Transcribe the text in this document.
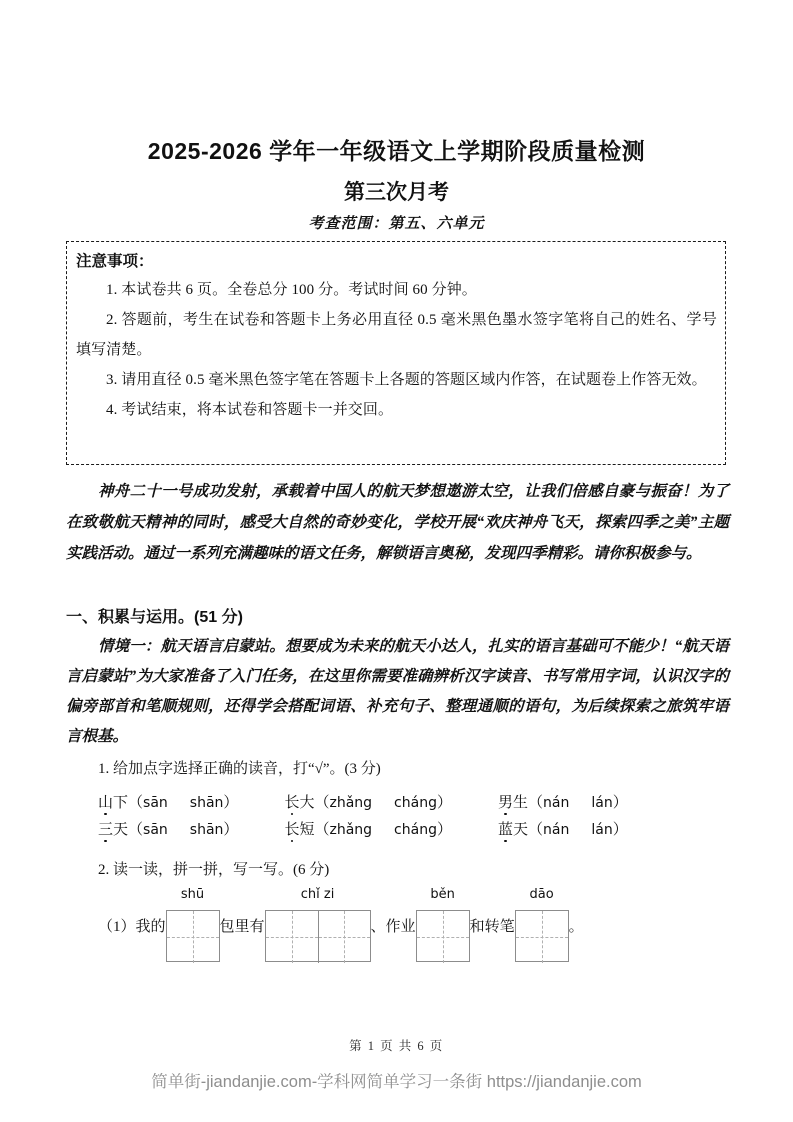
2025-2026 学年一年级语文上学期阶段质量检测
第三次月考
考查范围：第五、六单元
注意事项：
1. 本试卷共 6 页。全卷总分 100 分。考试时间 60 分钟。
2. 答题前，考生在试卷和答题卡上务必用直径 0.5 毫米黑色墨水签字笔将自己的姓名、学号填写清楚。
3. 请用直径 0.5 毫米黑色签字笔在答题卡上各题的答题区域内作答，在试题卷上作答无效。
4. 考试结束，将本试卷和答题卡一并交回。
神舟二十一号成功发射，承载着中国人的航天梦想遨游太空，让我们倍感自豪与振奋！为了在致敬航天精神的同时，感受大自然的奇妙变化，学校开展“欢庆神舟飞天，探索四季之美”主题实践活动。通过一系列充满趣味的语文任务，解锁语言奥秘，发现四季精彩。请你积极参与。
一、积累与运用。(51 分)
情境一：航天语言启蒙站。想要成为未来的航天小达人，扎实的语言基础可不能少！“航天语言启蒙站”为大家准备了入门任务，在这里你需要准确辨析汉字读音、书写常用字词，认识汉字的偏旁部首和笔顺规则，还得学会搭配词语、补充句子、整理通顺的语句，为后续探索之旅筑牢语言根基。
1. 给加点字选择正确的读音，打“√”。(3 分)
山下（sān shān）	长大（zhǎng cháng）	男生（nán lán）
三天（sān shān）	长短（zhǎng cháng）	蓝天（nán lán）
2. 读一读，拼一拼，写一写。(6 分)
（1）我的
shū
包里有
chǐ zi
、作业
běn
和转笔
dāo
。
第 1 页 共 6 页
简单街-jiandanjie.com-学科网简单学习一条街 https://jiandanjie.com
